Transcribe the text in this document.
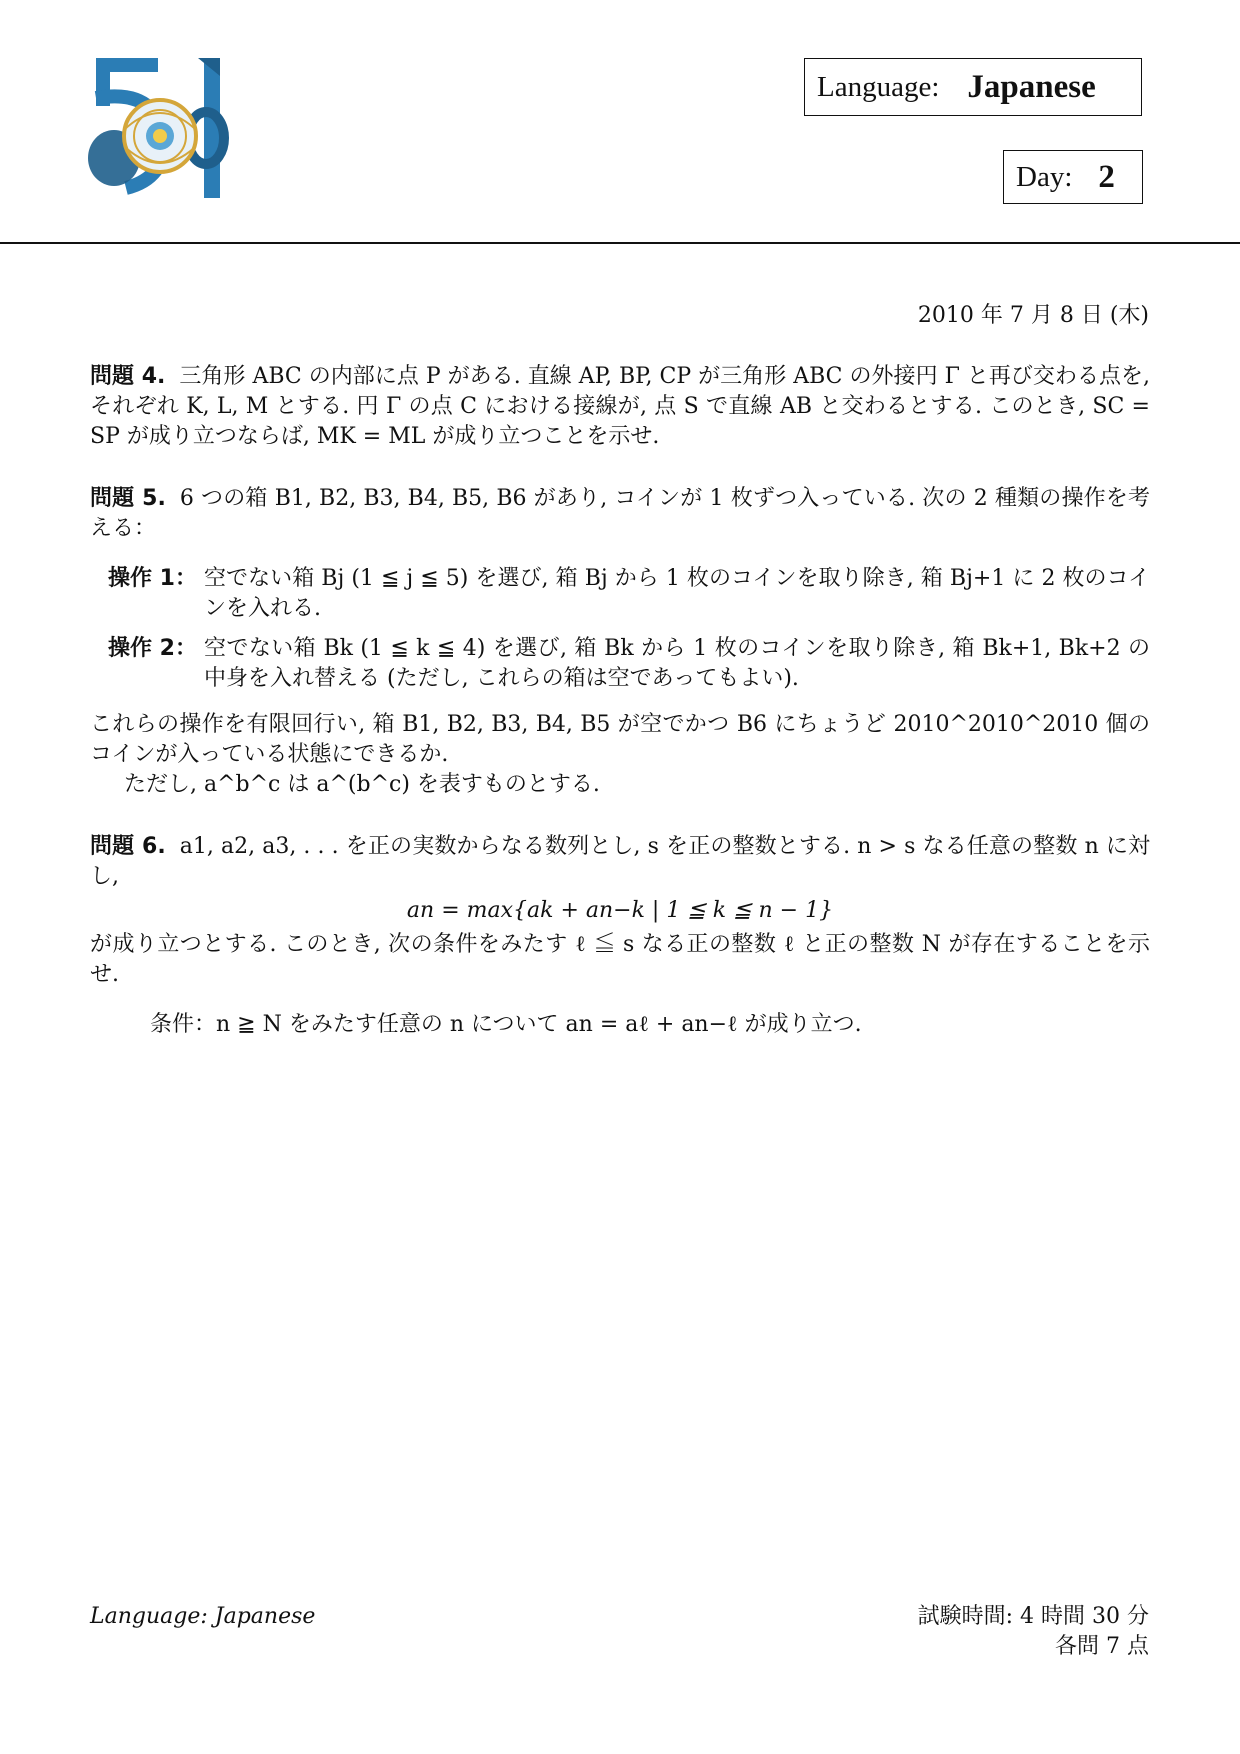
Language: Japanese
Day: 2
2010 年 7 月 8 日 (木)
問題 4. 三角形 ABC の内部に点 P がある. 直線 AP, BP, CP が三角形 ABC の外接円 Γ と再び交わる点を, それぞれ K, L, M とする. 円 Γ の点 C における接線が, 点 S で直線 AB と交わるとする. このとき, SC = SP が成り立つならば, MK = ML が成り立つことを示せ.
問題 5. 6 つの箱 B1, B2, B3, B4, B5, B6 があり, コインが 1 枚ずつ入っている. 次の 2 種類の操作を考える：
操作 1： 空でない箱 Bj (1 ≦ j ≦ 5) を選び, 箱 Bj から 1 枚のコインを取り除き, 箱 Bj+1 に 2 枚のコインを入れる.
操作 2： 空でない箱 Bk (1 ≦ k ≦ 4) を選び, 箱 Bk から 1 枚のコインを取り除き, 箱 Bk+1, Bk+2 の中身を入れ替える (ただし, これらの箱は空であってもよい).
これらの操作を有限回行い, 箱 B1, B2, B3, B4, B5 が空でかつ B6 にちょうど 2010^2010^2010 個のコインが入っている状態にできるか.
ただし, a^b^c は a^(b^c) を表すものとする.
問題 6. a1, a2, a3, . . . を正の実数からなる数列とし, s を正の整数とする. n > s なる任意の整数 n に対し,
an = max{ak + an−k | 1 ≦ k ≦ n − 1}
が成り立つとする. このとき, 次の条件をみたす ℓ ≦ s なる正の整数 ℓ と正の整数 N が存在することを示せ.
条件：n ≧ N をみたす任意の n について an = aℓ + an−ℓ が成り立つ.
Language: Japanese	試験時間: 4 時間 30 分
各問 7 点
